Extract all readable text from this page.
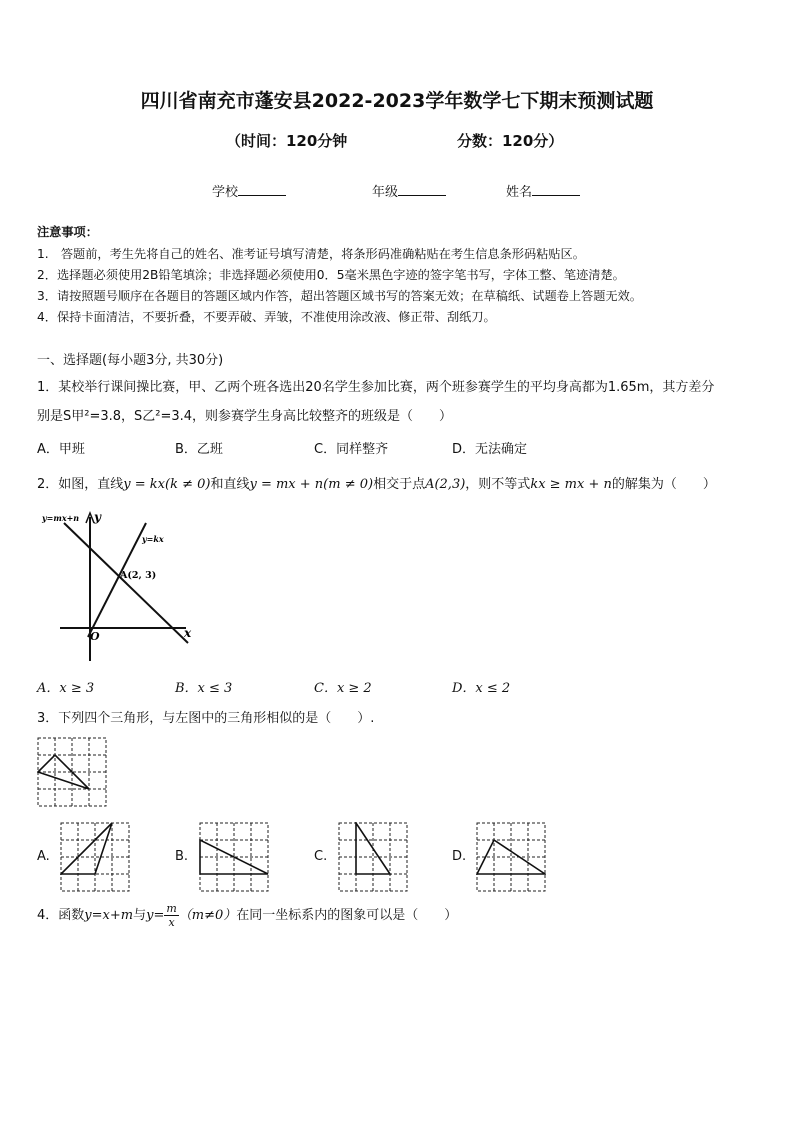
四川省南充市蓬安县2022-2023学年数学七下期末预测试题
（时间：120分钟	分数：120分）
学校	年级	姓名
注意事项：
1.　答题前，考生先将自己的姓名、准考证号填写清楚，将条形码准确粘贴在考生信息条形码粘贴区。
2．选择题必须使用2B铅笔填涂；非选择题必须使用0．5毫米黑色字迹的签字笔书写，字体工整、笔迹清楚。
3．请按照题号顺序在各题目的答题区域内作答，超出答题区域书写的答案无效；在草稿纸、试题卷上答题无效。
4．保持卡面清洁，不要折叠，不要弄破、弄皱，不准使用涂改液、修正带、刮纸刀。
一、选择题(每小题3分, 共30分)
1．某校举行课间操比赛，甲、乙两个班各选出20名学生参加比赛，两个班参赛学生的平均身高都为1.65m，其方差分
别是S甲²=3.8，S乙²=3.4，则参赛学生身高比较整齐的班级是（　　）
A．甲班	B．乙班	C．同样整齐	D．无法确定
2．如图，直线y = kx(k ≠ 0)和直线y = mx + n(m ≠ 0)相交于点A(2,3)，则不等式kx ≥ mx + n的解集为（　　）
y=mx+n
y=kx
y
x
O
A(2, 3)
A．x ≥ 3	B．x ≤ 3	C．x ≥ 2	D．x ≤ 2
3．下列四个三角形，与左图中的三角形相似的是（　　）.
A.	B.	C.	D.
4．函数y=x+m与$y= \frac{m}{x} (m\ne 0)$在同一坐标系内的图象可以是（　　）
